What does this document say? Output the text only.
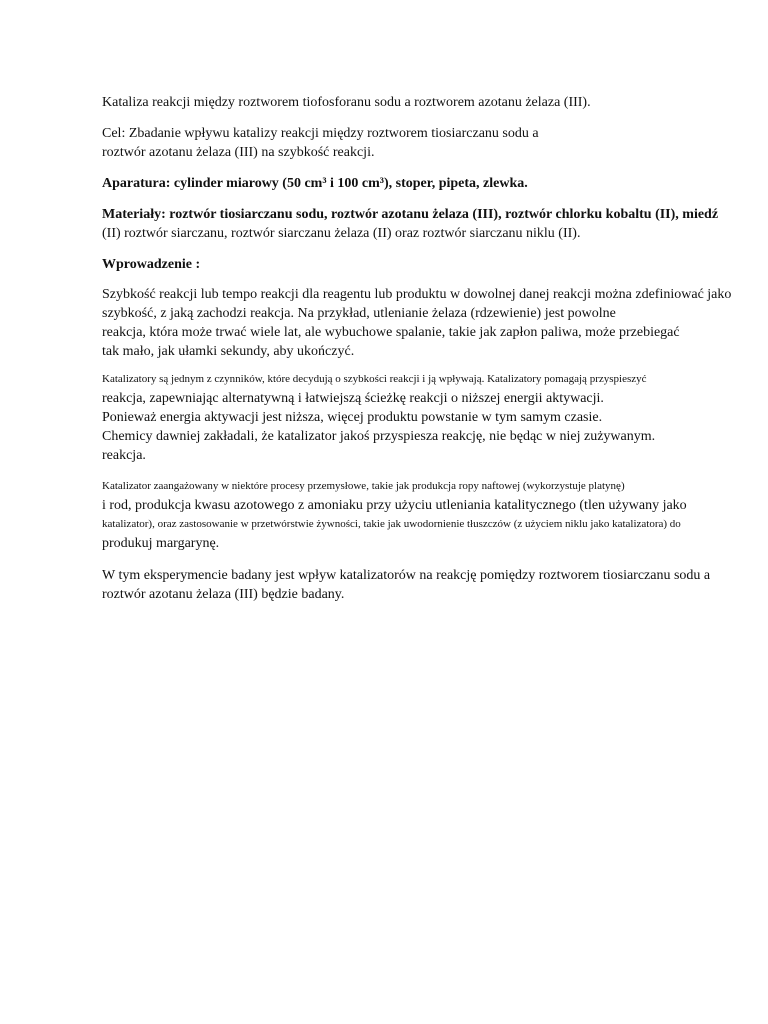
Kataliza reakcji między roztworem tiofosforanu sodu a roztworem azotanu żelaza (III).
Cel: Zbadanie wpływu katalizy reakcji między roztworem tiosiarczanu sodu a
roztwór azotanu żelaza (III) na szybkość reakcji.
Aparatura: cylinder miarowy (50 cm³ i 100 cm³), stoper, pipeta, zlewka.
Materiały: roztwór tiosiarczanu sodu, roztwór azotanu żelaza (III), roztwór chlorku kobaltu (II), miedź
(II) roztwór siarczanu, roztwór siarczanu żelaza (II) oraz roztwór siarczanu niklu (II).
Wprowadzenie :
Szybkość reakcji lub tempo reakcji dla reagentu lub produktu w dowolnej danej reakcji można zdefiniować jako
szybkość, z jaką zachodzi reakcja. Na przykład, utlenianie żelaza (rdzewienie) jest powolne
reakcja, która może trwać wiele lat, ale wybuchowe spalanie, takie jak zapłon paliwa, może przebiegać
tak mało, jak ułamki sekundy, aby ukończyć.
Katalizatory są jednym z czynników, które decydują o szybkości reakcji i ją wpływają. Katalizatory pomagają przyspieszyć
reakcja, zapewniając alternatywną i łatwiejszą ścieżkę reakcji o niższej energii aktywacji.
Ponieważ energia aktywacji jest niższa, więcej produktu powstanie w tym samym czasie.
Chemicy dawniej zakładali, że katalizator jakoś przyspiesza reakcję, nie będąc w niej zużywanym.
reakcja.
Katalizator zaangażowany w niektóre procesy przemysłowe, takie jak produkcja ropy naftowej (wykorzystuje platynę)
i rod, produkcja kwasu azotowego z amoniaku przy użyciu utleniania katalitycznego (tlen używany jako
katalizator), oraz zastosowanie w przetwórstwie żywności, takie jak uwodornienie tłuszczów (z użyciem niklu jako katalizatora) do
produkuj margarynę.
W tym eksperymencie badany jest wpływ katalizatorów na reakcję pomiędzy roztworem tiosiarczanu sodu a
roztwór azotanu żelaza (III) będzie badany.
